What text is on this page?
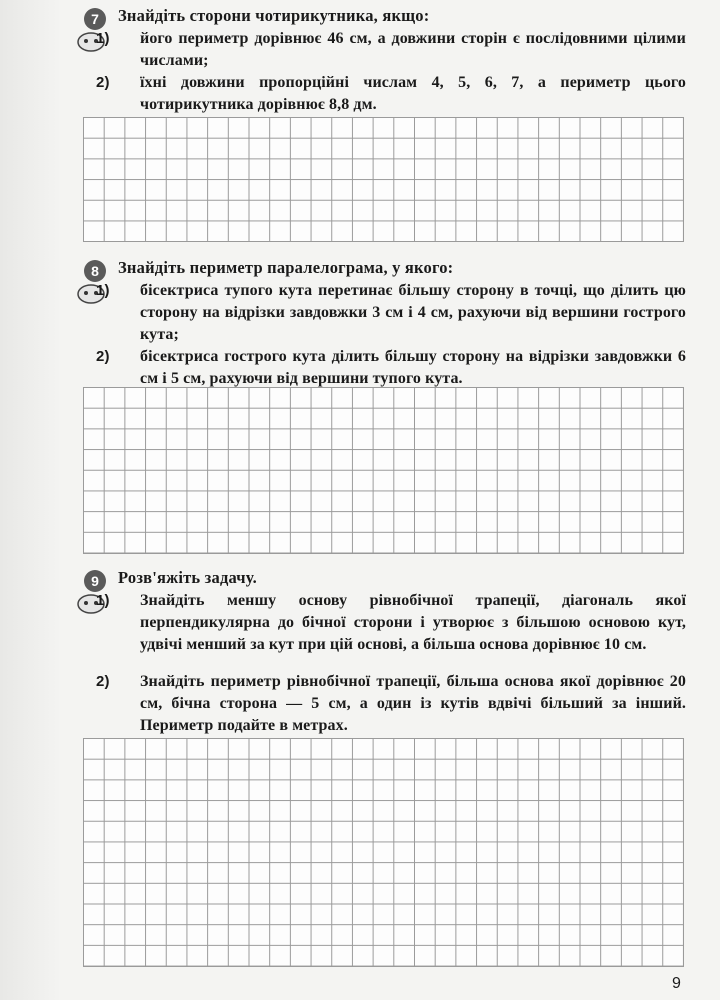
7	Знайдіть сторони чотирикутника, якщо:
1) його периметр дорівнює 46 см, а довжини сторін є послідовними цілими числами;
2) їхні довжини пропорційні числам 4, 5, 6, 7, а периметр цього чотирикутника дорівнює 8,8 дм.
8	Знайдіть периметр паралелограма, у якого:
1) бісектриса тупого кута перетинає більшу сторону в точці, що ділить цю сторону на відрізки завдовжки 3 см і 4 см, рахуючи від вершини гострого кута;
2) бісектриса гострого кута ділить більшу сторону на відрізки завдовжки 6 см і 5 см, рахуючи від вершини тупого кута.
9	Розв'яжіть задачу.
1) Знайдіть меншу основу рівнобічної трапеції, діагональ якої перпендикулярна до бічної сторони і утворює з більшою основою кут, удвічі менший за кут при цій основі, а більша основа дорівнює 10 см.
2) Знайдіть периметр рівнобічної трапеції, більша основа якої дорівнює 20 см, бічна сторона — 5 см, а один із кутів вдвічі більший за інший. Периметр подайте в метрах.
9
